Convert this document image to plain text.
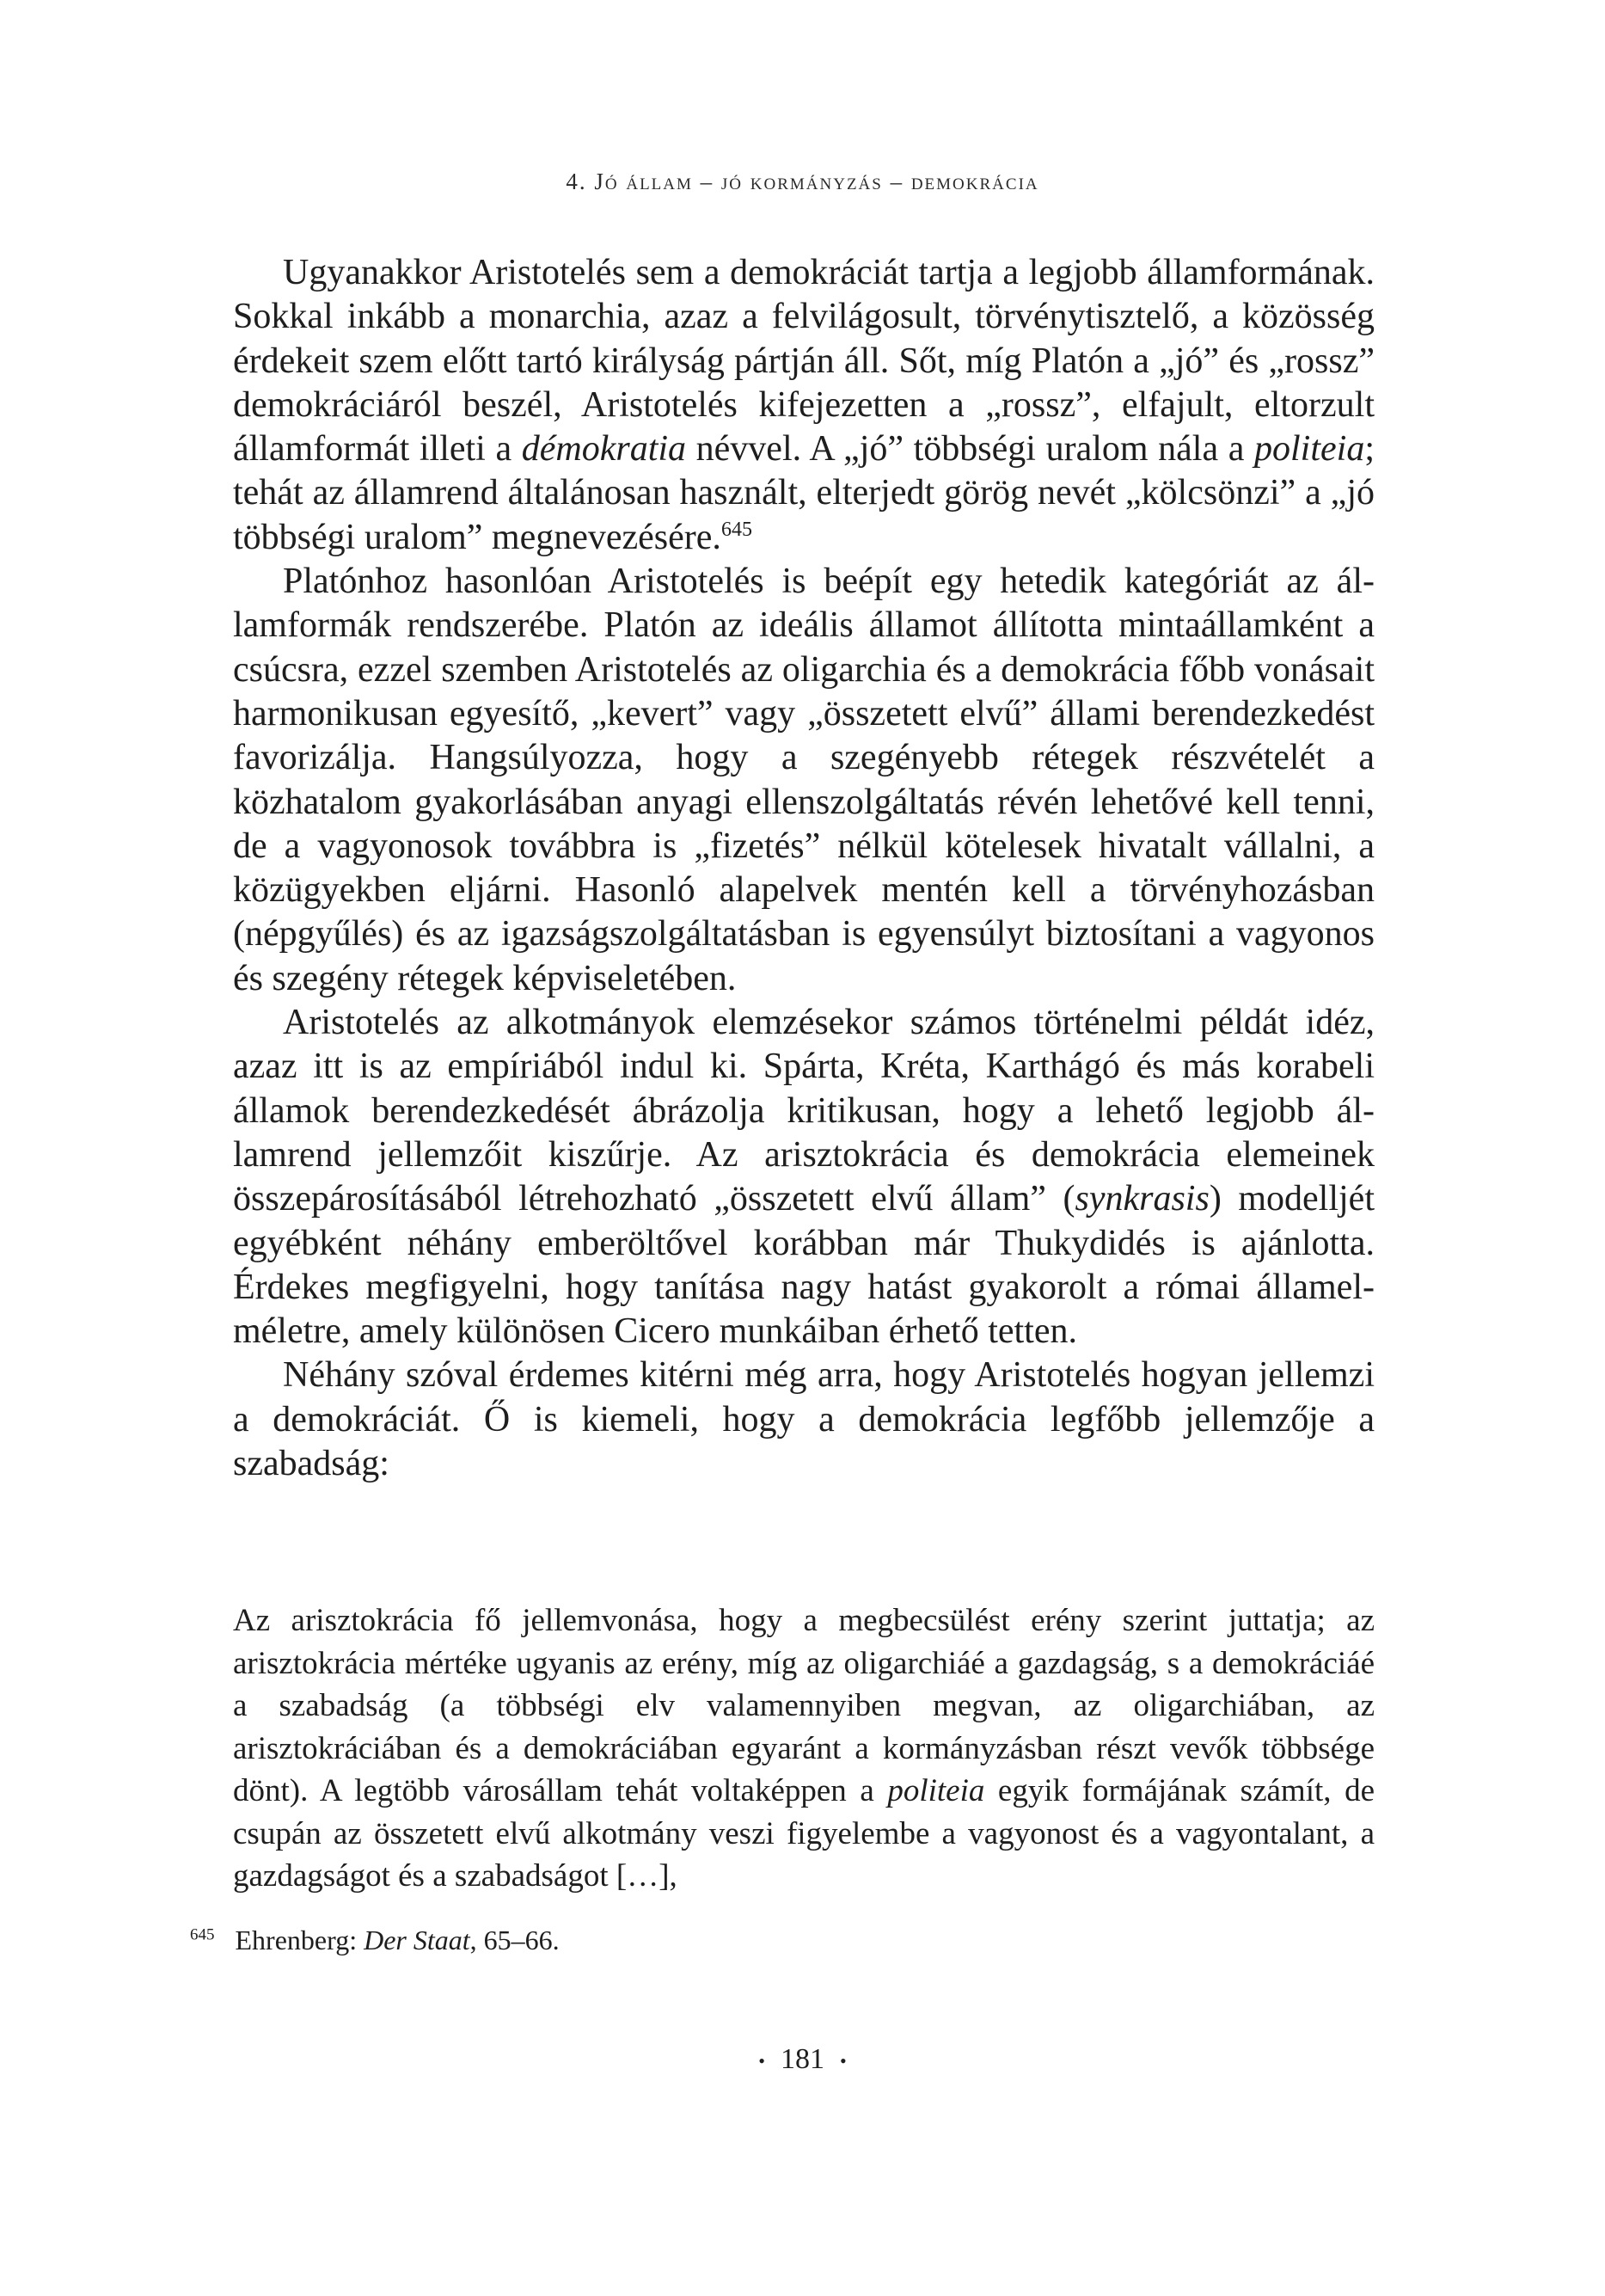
4. Jó állam – jó kormányzás – demokrácia

Ugyanakkor Aristotelés sem a demokráciát tartja a legjobb államformának. Sokkal inkább a monarchia, azaz a felvilágosult, törvénytisztelő, a közösség érdekeit szem előtt tartó királyság pártján áll. Sőt, míg Platón a „jó” és „rossz” demokráciáról beszél, Aristotelés kifejezetten a „rossz”, elfajult, eltorzult államformát illeti a démokratia névvel. A „jó” többségi uralom nála a politeia; tehát az államrend általánosan használt, elterjedt görög nevét „kölcsönzi” a „jó többségi uralom” megnevezésére.$^{645}$

Platónhoz hasonlóan Aristotelés is beépít egy hetedik kategóriát az államformák rendszerébe. Platón az ideális államot állította mintaállamként a csúcsra, ezzel szemben Aristotelés az oligarchia és a demokrácia főbb vonásait harmonikusan egyesítő, „kevert” vagy „összetett elvű” állami berendezkedést favorizálja. Hangsúlyozza, hogy a szegényebb rétegek részvételét a közhatalom gyakorlásában anyagi ellenszolgáltatás révén lehetővé kell tenni, de a vagyonosok továbbra is „fizetés” nélkül kötelesek hivatalt vállalni, a közügyekben eljárni. Hasonló alapelvek mentén kell a törvényhozásban (népgyűlés) és az igazságszolgáltatásban is egyensúlyt biztosítani a vagyonos és szegény rétegek képviseletében.

Aristotelés az alkotmányok elemzésekor számos történelmi példát idéz, azaz itt is az empíriából indul ki. Spárta, Kréta, Karthágó és más korabeli államok berendezkedését ábrázolja kritikusan, hogy a lehető legjobb államrend jellemzőit kiszűrje. Az arisztokrácia és demokrácia elemeinek összepárosításából létrehozható „összetett elvű állam” (synkrasis) modelljét egyébként néhány emberöltővel korábban már Thukydidés is ajánlotta. Érdekes megfigyelni, hogy tanítása nagy hatást gyakorolt a római államelméletre, amely különösen Cicero munkáiban érhető tetten.

Néhány szóval érdemes kitérni még arra, hogy Aristotelés hogyan jellemzi a demokráciát. Ő is kiemeli, hogy a demokrácia legfőbb jellemzője a szabadság:

Az arisztokrácia fő jellemvonása, hogy a megbecsülést erény szerint juttatja; az arisztokrácia mértéke ugyanis az erény, míg az oligarchiáé a gazdagság, s a demokráciáé a szabadság (a többségi elv valamennyiben megvan, az oligarchiában, az arisztokráciában és a demokráciában egyaránt a kormányzásban részt vevők többsége dönt). A legtöbb városállam tehát voltaképpen a politeia egyik formájának számít, de csupán az összetett elvű alkotmány veszi figyelembe a vagyonost és a vagyontalant, a gazdagságot és a szabadságot […],

$^{645}$   Ehrenberg: Der Staat, 65–66.
• 181 •
